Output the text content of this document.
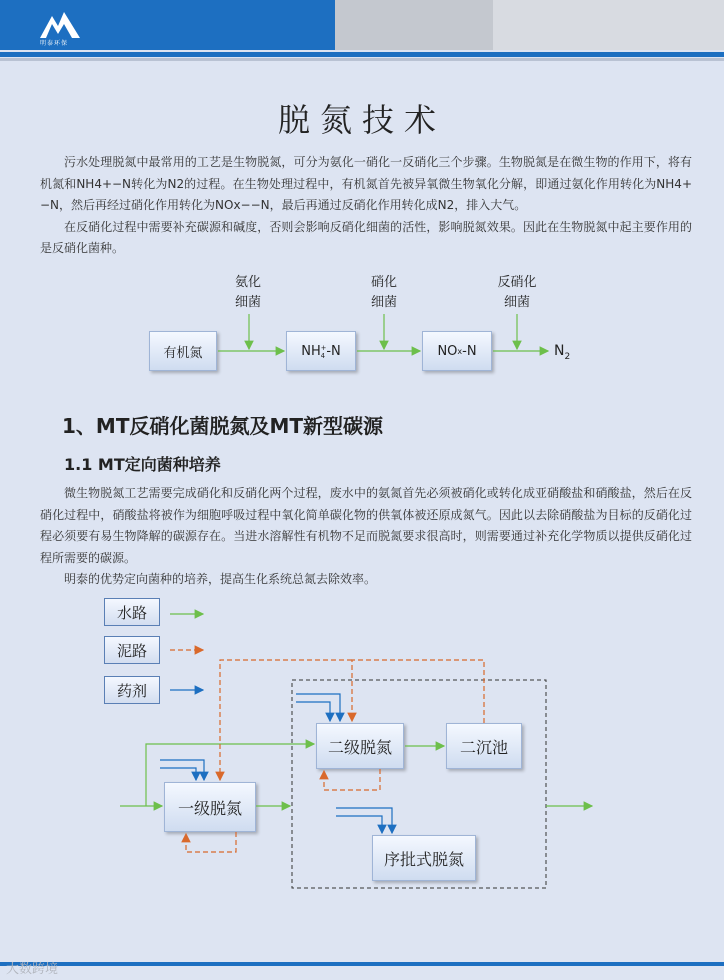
明泰环保
脱氮技术

污水处理脱氮中最常用的工艺是生物脱氮，可分为氨化一硝化一反硝化三个步骤。生物脱氮是在微生物的作用下，将有机氮和NH4+−N转化为N2的过程。在生物处理过程中，有机氮首先被异氧微生物氧化分解，即通过氨化作用转化为NH4+−N，然后再经过硝化作用转化为NOx−−N，最后再通过反硝化作用转化成N2，排入大气。

在反硝化过程中需要补充碳源和碱度，否则会影响反硝化细菌的活性，影响脱氮效果。因此在生物脱氮中起主要作用的是反硝化菌种。

氨化
细菌
硝化
细菌
反硝化
细菌
有机氮	NH +
4 -N	NO x -N	$N_2$
1、MT反硝化菌脱氮及MT新型碳源
1.1 MT定向菌种培养

微生物脱氮工艺需要完成硝化和反硝化两个过程，废水中的氨氮首先必须被硝化或转化成亚硝酸盐和硝酸盐，然后在反硝化过程中，硝酸盐将被作为细胞呼吸过程中氧化简单碳化物的供氧体被还原成氮气。因此以去除硝酸盐为目标的反硝化过程必须要有易生物降解的碳源存在。当进水溶解性有机物不足而脱氮要求很高时，则需要通过补充化学物质以提供反硝化过程所需要的碳源。

明泰的优势定向菌种的培养，提高生化系统总氮去除效率。

水路
泥路
药剂
一级脱氮
二级脱氮	二沉池
序批式脱氮
大数跨境
